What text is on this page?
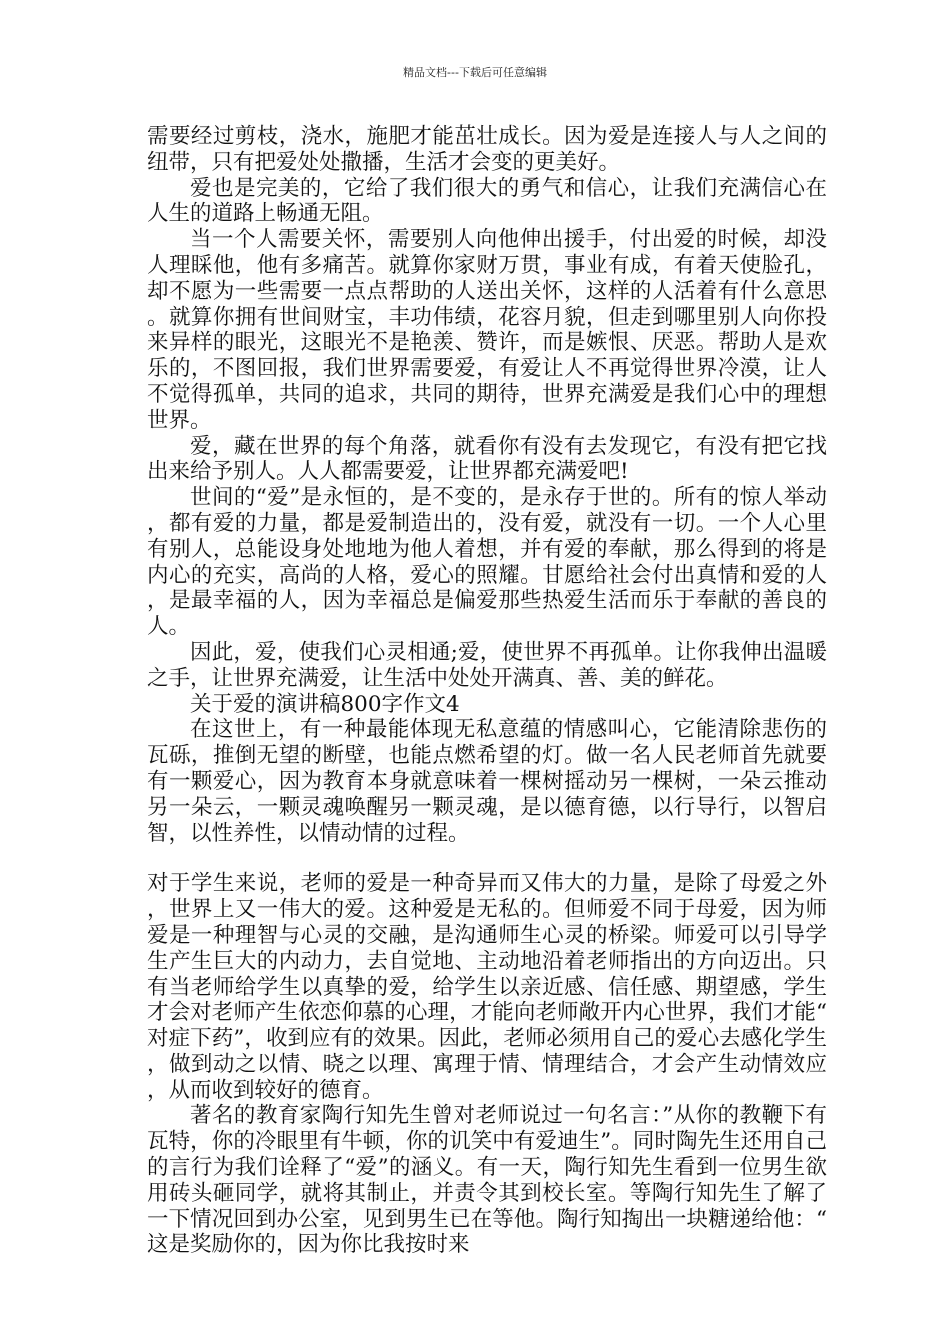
精品文档---下载后可任意编辑

需要经过剪枝，浇水，施肥才能茁壮成长。因为爱是连接人与人之间的纽带，只有把爱处处撒播，生活才会变的更美好。

爱也是完美的，它给了我们很大的勇气和信心，让我们充满信心在人生的道路上畅通无阻。

当一个人需要关怀，需要别人向他伸出援手，付出爱的时候，却没人理睬他，他有多痛苦。就算你家财万贯，事业有成，有着天使脸孔，却不愿为一些需要一点点帮助的人送出关怀，这样的人活着有什么意思。就算你拥有世间财宝，丰功伟绩，花容月貌，但走到哪里别人向你投来异样的眼光，这眼光不是艳羡、赞许，而是嫉恨、厌恶。帮助人是欢乐的，不图回报，我们世界需要爱，有爱让人不再觉得世界冷漠，让人不觉得孤单，共同的追求，共同的期待，世界充满爱是我们心中的理想世界。

爱，藏在世界的每个角落，就看你有没有去发现它，有没有把它找出来给予别人。人人都需要爱，让世界都充满爱吧!

世间的“爱”是永恒的，是不变的，是永存于世的。所有的惊人举动，都有爱的力量，都是爱制造出的，没有爱，就没有一切。一个人心里有别人，总能设身处地地为他人着想，并有爱的奉献，那么得到的将是内心的充实，高尚的人格，爱心的照耀。甘愿给社会付出真情和爱的人，是最幸福的人，因为幸福总是偏爱那些热爱生活而乐于奉献的善良的人。

因此，爱，使我们心灵相通;爱，使世界不再孤单。让你我伸出温暖之手，让世界充满爱，让生活中处处开满真、善、美的鲜花。

关于爱的演讲稿800字作文4

在这世上，有一种最能体现无私意蕴的情感叫心，它能清除悲伤的瓦砾，推倒无望的断壁，也能点燃希望的灯。做一名人民老师首先就要有一颗爱心，因为教育本身就意味着一棵树摇动另一棵树，一朵云推动另一朵云，一颗灵魂唤醒另一颗灵魂，是以德育德，以行导行，以智启智，以性养性，以情动情的过程。

对于学生来说，老师的爱是一种奇异而又伟大的力量，是除了母爱之外，世界上又一伟大的爱。这种爱是无私的。但师爱不同于母爱，因为师爱是一种理智与心灵的交融，是沟通师生心灵的桥梁。师爱可以引导学生产生巨大的内动力，去自觉地、主动地沿着老师指出的方向迈出。只有当老师给学生以真挚的爱，给学生以亲近感、信任感、期望感，学生才会对老师产生依恋仰慕的心理，才能向老师敞开内心世界，我们才能“对症下药”，收到应有的效果。因此，老师必须用自己的爱心去感化学生，做到动之以情、晓之以理、寓理于情、情理结合，才会产生动情效应，从而收到较好的德育。

著名的教育家陶行知先生曾对老师说过一句名言：”从你的教鞭下有瓦特，你的冷眼里有牛顿，你的讥笑中有爱迪生”。同时陶先生还用自己的言行为我们诠释了“爱”的涵义。有一天，陶行知先生看到一位男生欲用砖头砸同学，就将其制止，并责令其到校长室。等陶行知先生了解了一下情况回到办公室，见到男生已在等他。陶行知掏出一块糖递给他：“这是奖励你的，因为你比我按时来
